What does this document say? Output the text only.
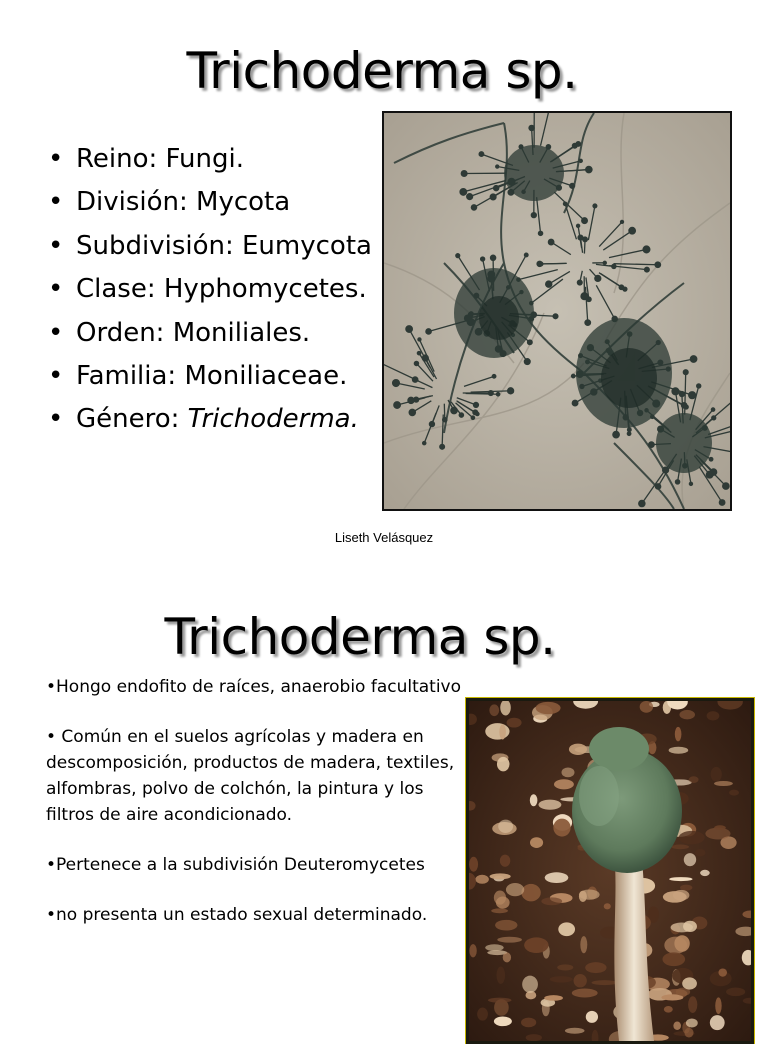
Trichoderma sp.
• Reino: Fungi.
• División: Mycota
• Subdivisión: Eumycota
• Clase: Hyphomycetes.
• Orden: Moniliales.
• Familia: Moniliaceae.
• Género: Trichoderma.
Liseth Velásquez
Trichoderma sp.

•Hongo endofito de raíces, anaerobio facultativo

• Común en el suelos agrícolas y madera en descomposición, productos de madera, textiles, alfombras, polvo de colchón, la pintura y los filtros de aire acondicionado.

•Pertenece a la subdivisión Deuteromycetes

•no presenta un estado sexual determinado.
